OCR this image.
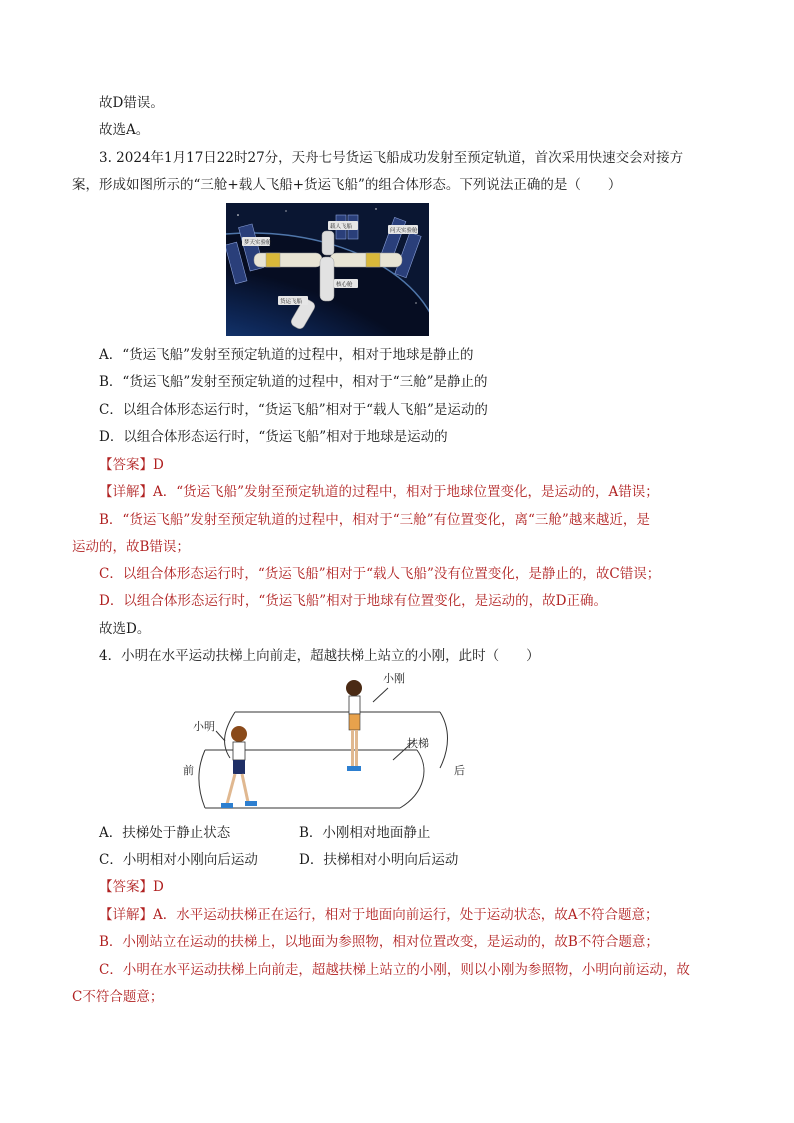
故D错误。
故选A。
3. 2024年1月17日22时27分，天舟七号货运飞船成功发射至预定轨道，首次采用快速交会对接方
案，形成如图所示的“三舱+载人飞船+货运飞船”的组合体形态。下列说法正确的是（　　）
载人飞船
梦天实验舱
问天实验舱
核心舱
货运飞船
A．“货运飞船”发射至预定轨道的过程中，相对于地球是静止的
B．“货运飞船”发射至预定轨道的过程中，相对于“三舱”是静止的
C．以组合体形态运行时，“货运飞船”相对于“载人飞船”是运动的
D．以组合体形态运行时，“货运飞船”相对于地球是运动的
【答案】D
【详解】A．“货运飞船”发射至预定轨道的过程中，相对于地球位置变化，是运动的，A错误；
B．“货运飞船”发射至预定轨道的过程中，相对于“三舱”有位置变化，离“三舱”越来越近，是
运动的，故B错误；
C．以组合体形态运行时，“货运飞船”相对于“载人飞船”没有位置变化，是静止的，故C错误；
D．以组合体形态运行时，“货运飞船”相对于地球有位置变化，是运动的，故D正确。
故选D。
4．小明在水平运动扶梯上向前走，超越扶梯上站立的小刚，此时（　　）
小刚
小明
扶梯
前	后
A．扶梯处于静止状态	B．小刚相对地面静止
C．小明相对小刚向后运动	D．扶梯相对小明向后运动
【答案】D
【详解】A．水平运动扶梯正在运行，相对于地面向前运行，处于运动状态，故A不符合题意；
B．小刚站立在运动的扶梯上，以地面为参照物，相对位置改变，是运动的，故B不符合题意；
C．小明在水平运动扶梯上向前走，超越扶梯上站立的小刚，则以小刚为参照物，小明向前运动，故
C不符合题意；
